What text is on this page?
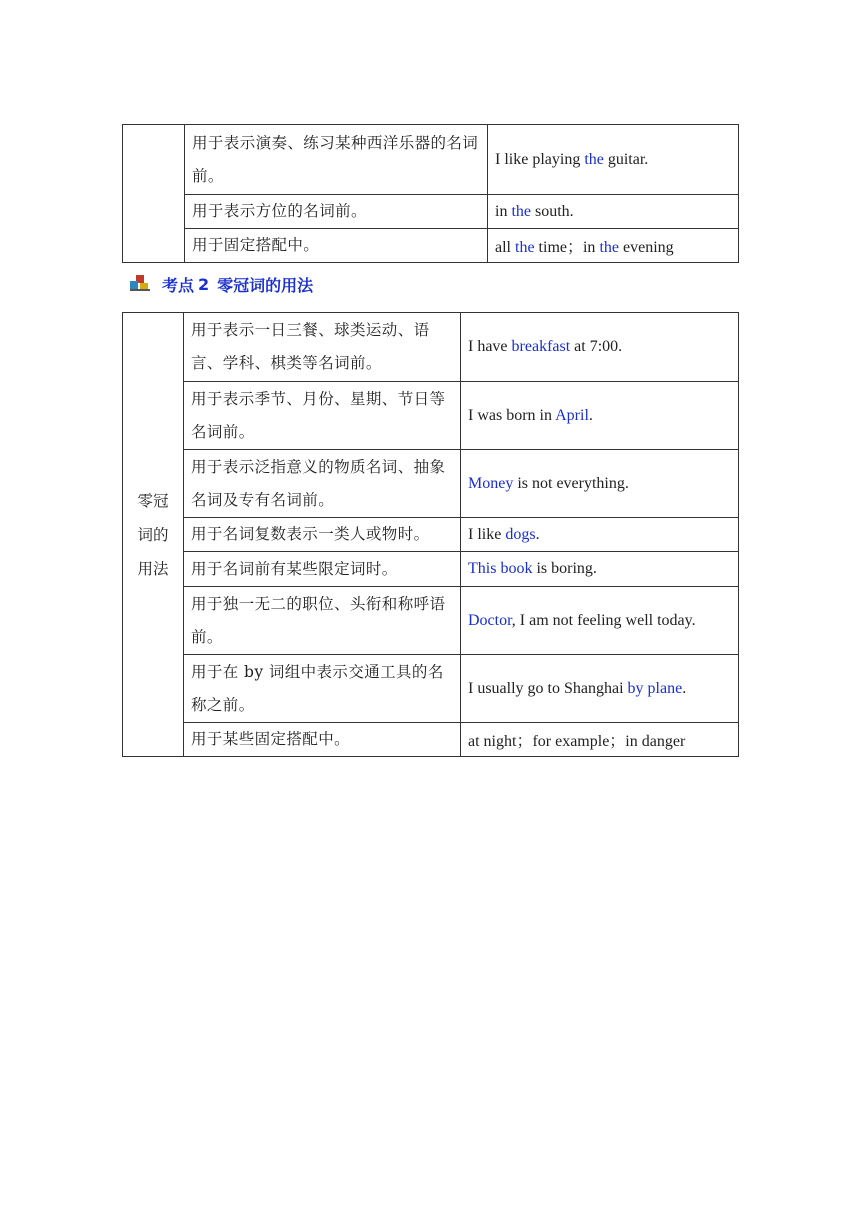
	用于表示演奏、练习某种西洋乐器的名词前。	I like playing the guitar.
	用于表示方位的名词前。	in the south.
	用于固定搭配中。	all the time；in the evening
考点 2 零冠词的用法
零冠
词的
用法	用于表示一日三餐、球类运动、语言、学科、棋类等名词前。	I have breakfast at 7:00.
	用于表示季节、月份、星期、节日等名词前。	I was born in April.
	用于表示泛指意义的物质名词、抽象名词及专有名词前。	Money is not everything.
	用于名词复数表示一类人或物时。	I like dogs.
	用于名词前有某些限定词时。	This book is boring.
	用于独一无二的职位、头衔和称呼语前。	Doctor, I am not feeling well today.
	用于在 by 词组中表示交通工具的名称之前。	I usually go to Shanghai by plane.
	用于某些固定搭配中。	at night；for example；in danger
